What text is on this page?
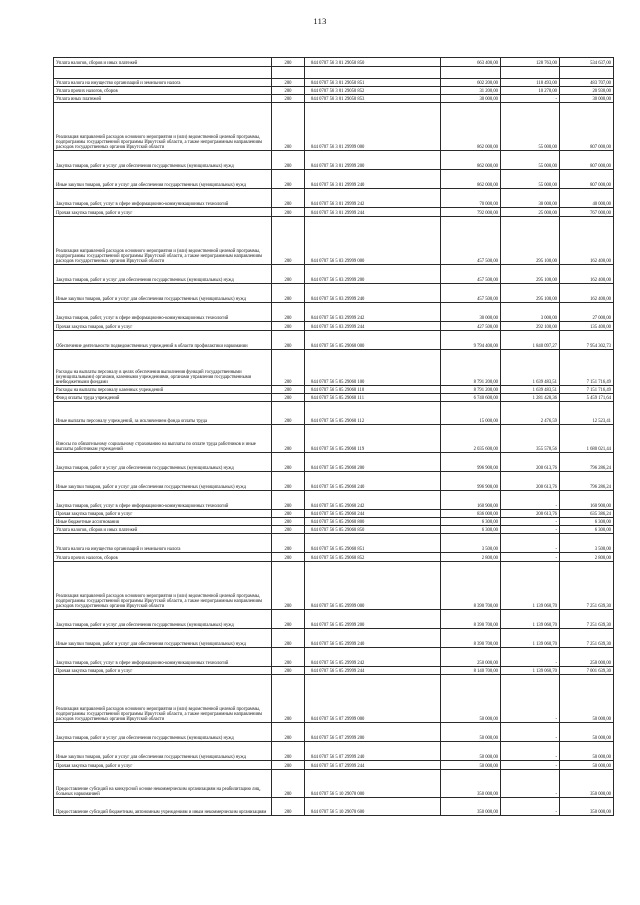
113
Уплата налогов, сборов и иных платежей	200	844 0707 56 3 01 29050 850	663 400,00	128 763,00	534 637,00

Уплата налога на имущество организаций и земельного налога	200	844 0707 56 3 01 29050 851	602 200,00	118 493,00	483 707,00
Уплата прочих налогов, сборов	200	844 0707 56 3 01 29050 852	31 200,00	10 270,00	20 930,00
Уплата иных платежей	200	844 0707 56 3 01 29050 853	30 000,00	-	30 000,00
Реализация направлений расходов основного мероприятия и (или) ведомственной целевой программы, подпрограммы государственной программы Иркутской области, а также непрограммным направлениям расходов государственных органов Иркутской области	200	844 0707 56 3 01 29999 000	862 000,00	55 000,00	807 000,00
Закупка товаров, работ и услуг для обеспечения государственных (муниципальных) нужд	200	844 0707 56 3 01 29999 200	862 000,00	55 000,00	807 000,00
Иные закупки товаров, работ и услуг для обеспечения государственных (муниципальных) нужд	200	844 0707 56 3 01 29999 240	862 000,00	55 000,00	807 000,00
Закупка товаров, работ, услуг в сфере информационно-коммуникационных технологий	200	844 0707 56 3 01 29999 242	70 000,00	30 000,00	40 000,00
Прочая закупка товаров, работ и услуг	200	844 0707 56 3 01 29999 244	792 000,00	25 000,00	767 000,00
Реализация направлений расходов основного мероприятия и (или) ведомственной целевой программы, подпрограммы государственной программы Иркутской области, а также непрограммным направлениям расходов государственных органов Иркутской области	200	844 0707 56 5 03 29999 000	457 500,00	295 100,00	162 400,00
Закупка товаров, работ и услуг для обеспечения государственных (муниципальных) нужд	200	844 0707 56 5 03 29999 200	457 500,00	295 100,00	162 400,00
Иные закупки товаров, работ и услуг для обеспечения государственных (муниципальных) нужд	200	844 0707 56 5 03 29999 240	457 500,00	295 100,00	162 400,00
Закупка товаров, работ, услуг в сфере информационно-коммуникационных технологий	200	844 0707 56 5 03 29999 242	30 000,00	3 000,00	27 000,00
Прочая закупка товаров, работ и услуг	200	844 0707 56 5 03 29999 244	427 500,00	292 100,00	135 400,00
Обеспечение деятельности подведомственных учреждений в области профилактики наркомании	200	844 0707 56 5 05 29060 000	9 794 400,00	1 840 097,27	7 954 302,73
Расходы на выплаты персоналу в целях обеспечения выполнения функций государственными (муниципальными) органами, казенными учреждениями, органами управления государственными внебюджетными фондами	200	844 0707 56 5 05 29060 100	8 791 200,00	1 639 483,51	7 151 716,49
Расходы на выплаты персоналу казенных учреждений	200	844 0707 56 5 05 29060 110	8 791 200,00	1 639 483,51	7 151 716,49
Фонд оплаты труда учреждений	200	844 0707 56 5 05 29060 111	6 740 600,00	1 281 428,36	5 459 171,64
Иные выплаты персоналу учреждений, за исключением фонда оплаты труда	200	844 0707 56 5 05 29060 112	15 000,00	2 476,59	12 523,41
Взносы по обязательному социальному страхованию на выплаты по оплате труда работников и иные выплаты работникам учреждений	200	844 0707 56 5 05 29060 119	2 035 600,00	355 578,56	1 680 021,44
Закупка товаров, работ и услуг для обеспечения государственных (муниципальных) нужд	200	844 0707 56 5 05 29060 200	996 900,00	200 613,76	796 286,24
Иные закупки товаров, работ и услуг для обеспечения государственных (муниципальных) нужд	200	844 0707 56 5 05 29060 240	996 900,00	200 613,76	796 286,24
Закупка товаров, работ, услуг в сфере информационно-коммуникационных технологий	200	844 0707 56 5 05 29060 242	160 900,00	-	160 900,00
Прочая закупка товаров, работ и услуг	200	844 0707 56 5 05 29060 244	836 000,00	200 613,76	635 386,24
Иные бюджетные ассигнования	200	844 0707 56 5 05 29060 800	6 300,00	-	6 300,00
Уплата налогов, сборов и иных платежей	200	844 0707 56 5 05 29060 850	6 300,00	-	6 300,00
Уплата налога на имущество организаций и земельного налога	200	844 0707 56 5 05 29060 851	3 500,00	-	3 500,00
Уплата прочих налогов, сборов	200	844 0707 56 5 05 29060 852	2 800,00	-	2 800,00
Реализация направлений расходов основного мероприятия и (или) ведомственной целевой программы, подпрограммы государственной программы Иркутской области, а также непрограммным направлениям расходов государственных органов Иркутской области	200	844 0707 56 5 05 29999 000	8 390 700,00	1 139 060,70	7 251 639,30
Закупка товаров, работ и услуг для обеспечения государственных (муниципальных) нужд	200	844 0707 56 5 05 29999 200	8 390 700,00	1 139 060,70	7 251 639,30
Иные закупки товаров, работ и услуг для обеспечения государственных (муниципальных) нужд	200	844 0707 56 5 05 29999 240	8 390 700,00	1 139 060,70	7 251 639,30
Закупка товаров, работ, услуг в сфере информационно-коммуникационных технологий	200	844 0707 56 5 05 29999 242	250 000,00	-	250 000,00
Прочая закупка товаров, работ и услуг	200	844 0707 56 5 05 29999 244	8 140 700,00	1 139 060,70	7 001 639,30
Реализация направлений расходов основного мероприятия и (или) ведомственной целевой программы, подпрограммы государственной программы Иркутской области, а также непрограммным направлениям расходов государственных органов Иркутской области	200	844 0707 56 5 07 29999 000	50 000,00	-	50 000,00
Закупка товаров, работ и услуг для обеспечения государственных (муниципальных) нужд	200	844 0707 56 5 07 29999 200	50 000,00	-	50 000,00
Иные закупки товаров, работ и услуг для обеспечения государственных (муниципальных) нужд	200	844 0707 56 5 07 29999 240	50 000,00	-	50 000,00
Прочая закупка товаров, работ и услуг	200	844 0707 56 5 07 29999 244	50 000,00	-	50 000,00
Предоставление субсидий на конкурсной основе некоммерческим организациям на реабилитацию лиц, больных наркоманией	200	844 0707 56 5 10 29070 000	350 000,00	-	350 000,00
Предоставление субсидий бюджетным, автономным учреждениям и иным некоммерческим организациям	200	844 0707 56 5 10 29070 600	350 000,00	-	350 000,00
